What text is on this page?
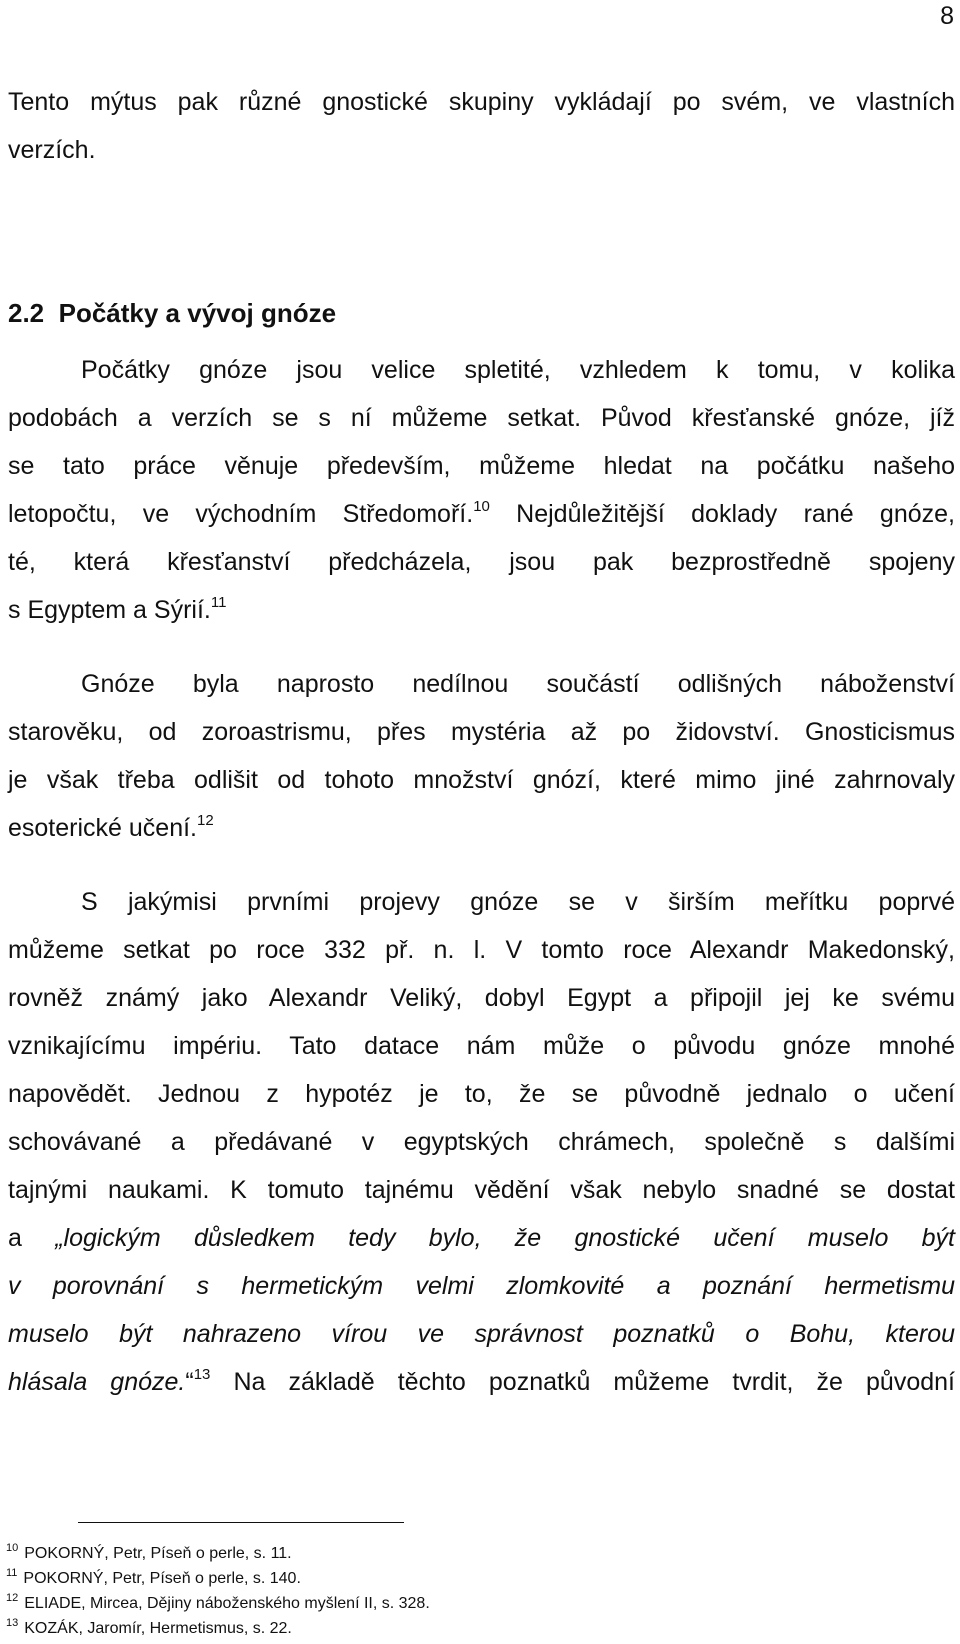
8
Tento mýtus pak různé gnostické skupiny vykládají po svém, ve vlastních
verzích.
2.2 Počátky a vývoj gnóze
Počátky gnóze jsou velice spletité, vzhledem k tomu, v kolika
podobách a verzích se s ní můžeme setkat. Původ křesťanské gnóze, jíž
se tato práce věnuje především, můžeme hledat na počátku našeho
letopočtu, ve východním Středomoří.$^{10}$ Nejdůležitější doklady rané gnóze,
té, která křesťanství předcházela, jsou pak bezprostředně spojeny
s Egyptem a Sýrií.$^{11}$
Gnóze byla naprosto nedílnou součástí odlišných náboženství
starověku, od zoroastrismu, přes mystéria až po židovství. Gnosticismus
je však třeba odlišit od tohoto množství gnózí, které mimo jiné zahrnovaly
esoterické učení.$^{12}$
S jakýmisi prvními projevy gnóze se v širším meřítku poprvé
můžeme setkat po roce 332 př. n. l. V tomto roce Alexandr Makedonský,
rovněž známý jako Alexandr Veliký, dobyl Egypt a připojil jej ke svému
vznikajícímu impériu. Tato datace nám může o původu gnóze mnohé
napovědět. Jednou z hypotéz je to, že se původně jednalo o učení
schovávané a předávané v egyptských chrámech, společně s dalšími
tajnými naukami. K tomuto tajnému vědění však nebylo snadné se dostat
a „logickým důsledkem tedy bylo, že gnostické učení muselo být
v porovnání s hermetickým velmi zlomkovité a poznání hermetismu
muselo být nahrazeno vírou ve správnost poznatků o Bohu, kterou
hlásala gnóze.“$^{13}$ Na základě těchto poznatků můžeme tvrdit, že původní
$^{10}$ POKORNÝ, Petr, Píseň o perle, s. 11.
$^{11}$ POKORNÝ, Petr, Píseň o perle, s. 140.
$^{12}$ ELIADE, Mircea, Dějiny náboženského myšlení II, s. 328.
$^{13}$ KOZÁK, Jaromír, Hermetismus, s. 22.
